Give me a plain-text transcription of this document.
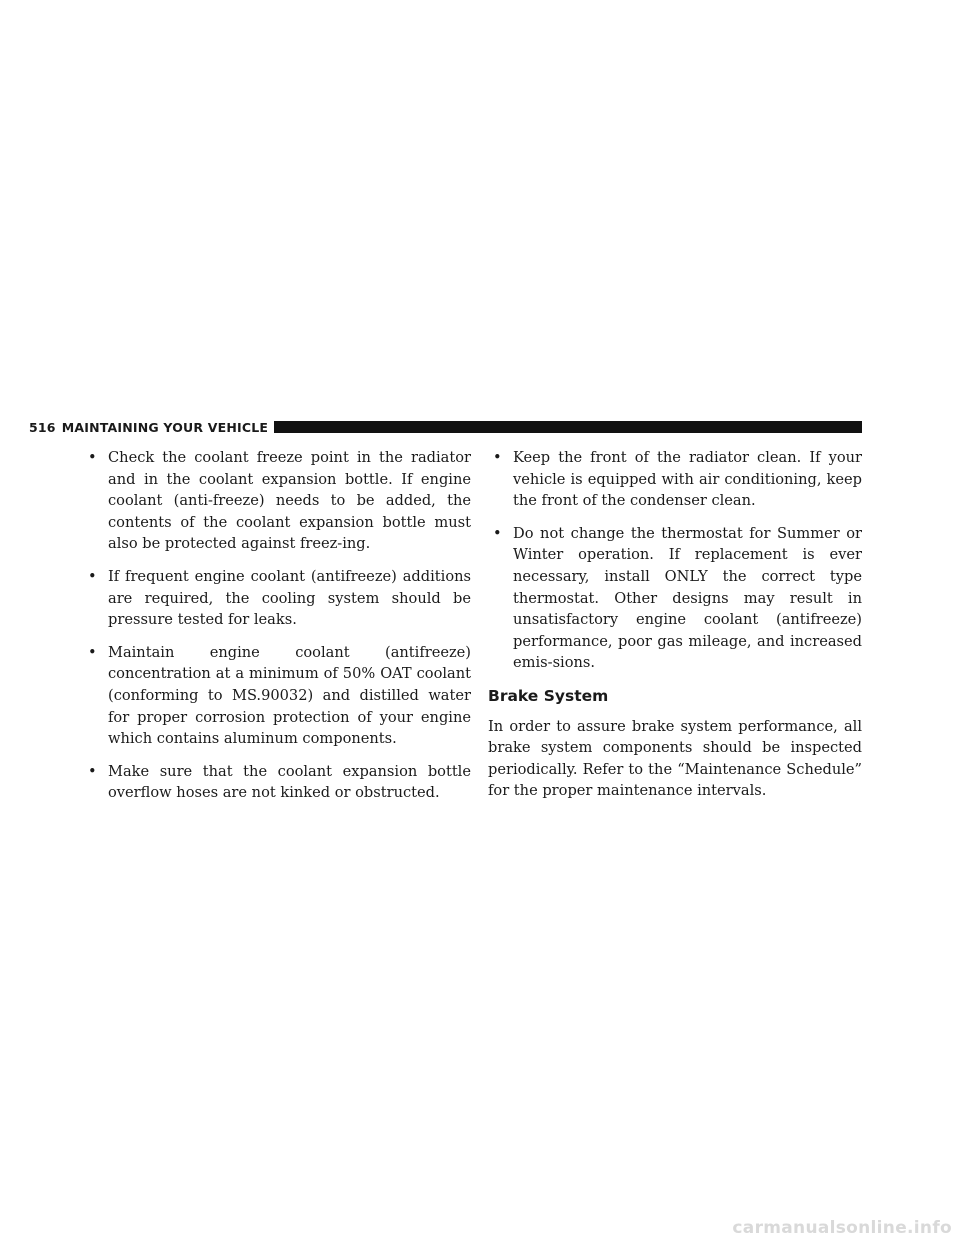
516 MAINTAINING YOUR VEHICLE
• Check the coolant freeze point in the radiator and in the coolant expansion bottle. If engine coolant (anti-freeze) needs to be added, the contents of the coolant expansion bottle must also be protected against freez-ing.
• If frequent engine coolant (antifreeze) additions are required, the cooling system should be pressure tested for leaks.
• Maintain engine coolant (antifreeze) concentration at a minimum of 50% OAT coolant (conforming to MS.90032) and distilled water for proper corrosion protection of your engine which contains aluminum components.
• Make sure that the coolant expansion bottle overflow hoses are not kinked or obstructed.
• Keep the front of the radiator clean. If your vehicle is equipped with air conditioning, keep the front of the condenser clean.
• Do not change the thermostat for Summer or Winter operation. If replacement is ever necessary, install ONLY the correct type thermostat. Other designs may result in unsatisfactory engine coolant (antifreeze) performance, poor gas mileage, and increased emis-sions.
Brake System

In order to assure brake system performance, all brake system components should be inspected periodically. Refer to the “Maintenance Schedule” for the proper maintenance intervals.

carmanualsonline.info
